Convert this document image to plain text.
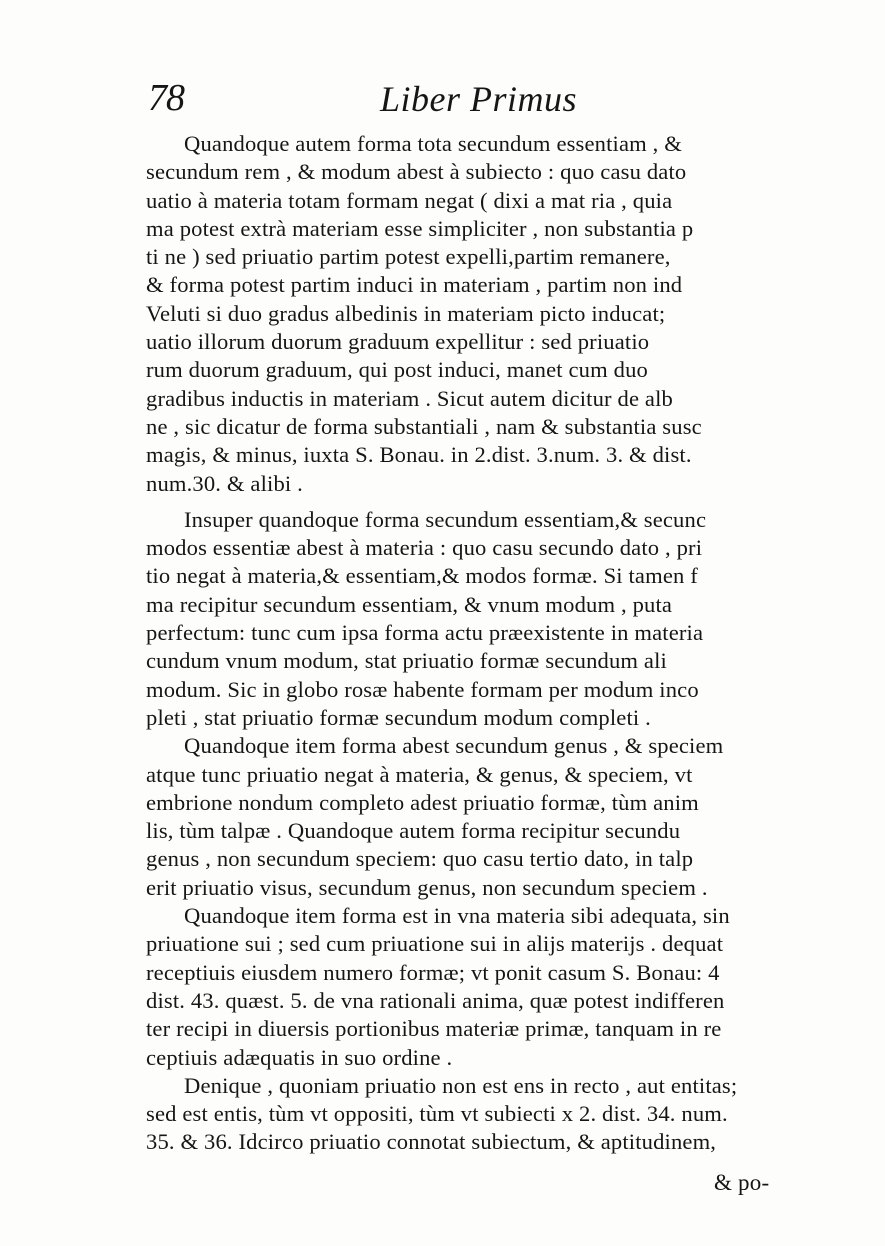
78	Liber Primus
Quandoque autem forma tota secundum essentiam , &
secundum rem , & modum abest à subiecto : quo casu dato
uatio à materia totam formam negat ( dixi a mat ria , quia
ma potest extrà materiam esse simpliciter , non substantia p
ti ne ) sed priuatio partim potest expelli,partim remanere,
& forma potest partim induci in materiam , partim non ind
Veluti si duo gradus albedinis in materiam picto inducat;
uatio illorum duorum graduum expellitur : sed priuatio
rum duorum graduum, qui post induci, manet cum duo
gradibus inductis in materiam . Sicut autem dicitur de alb
ne , sic dicatur de forma substantiali , nam & substantia susc
magis, & minus, iuxta S. Bonau. in 2.dist. 3.num. 3. & dist.
num.30. & alibi .
Insuper quandoque forma secundum essentiam,& secunc
modos essentiæ abest à materia : quo casu secundo dato , pri
tio negat à materia,& essentiam,& modos formæ. Si tamen f
ma recipitur secundum essentiam, & vnum modum , puta
perfectum: tunc cum ipsa forma actu præexistente in materia
cundum vnum modum, stat priuatio formæ secundum ali
modum. Sic in globo rosæ habente formam per modum inco
pleti , stat priuatio formæ secundum modum completi .
Quandoque item forma abest secundum genus , & speciem
atque tunc priuatio negat à materia, & genus, & speciem, vt
embrione nondum completo adest priuatio formæ, tùm anim
lis, tùm talpæ . Quandoque autem forma recipitur secundu
genus , non secundum speciem: quo casu tertio dato, in talp
erit priuatio visus, secundum genus, non secundum speciem .
Quandoque item forma est in vna materia sibi adequata, sin
priuatione sui ; sed cum priuatione sui in alijs materijs . dequat
receptiuis eiusdem numero formæ; vt ponit casum S. Bonau: 4
dist. 43. quæst. 5. de vna rationali anima, quæ potest indifferen
ter recipi in diuersis portionibus materiæ primæ, tanquam in re
ceptiuis adæquatis in suo ordine .
Denique , quoniam priuatio non est ens in recto , aut entitas;
sed est entis, tùm vt oppositi, tùm vt subiecti x 2. dist. 34. num.
35. & 36. Idcirco priuatio connotat subiectum, & aptitudinem,
& po-
